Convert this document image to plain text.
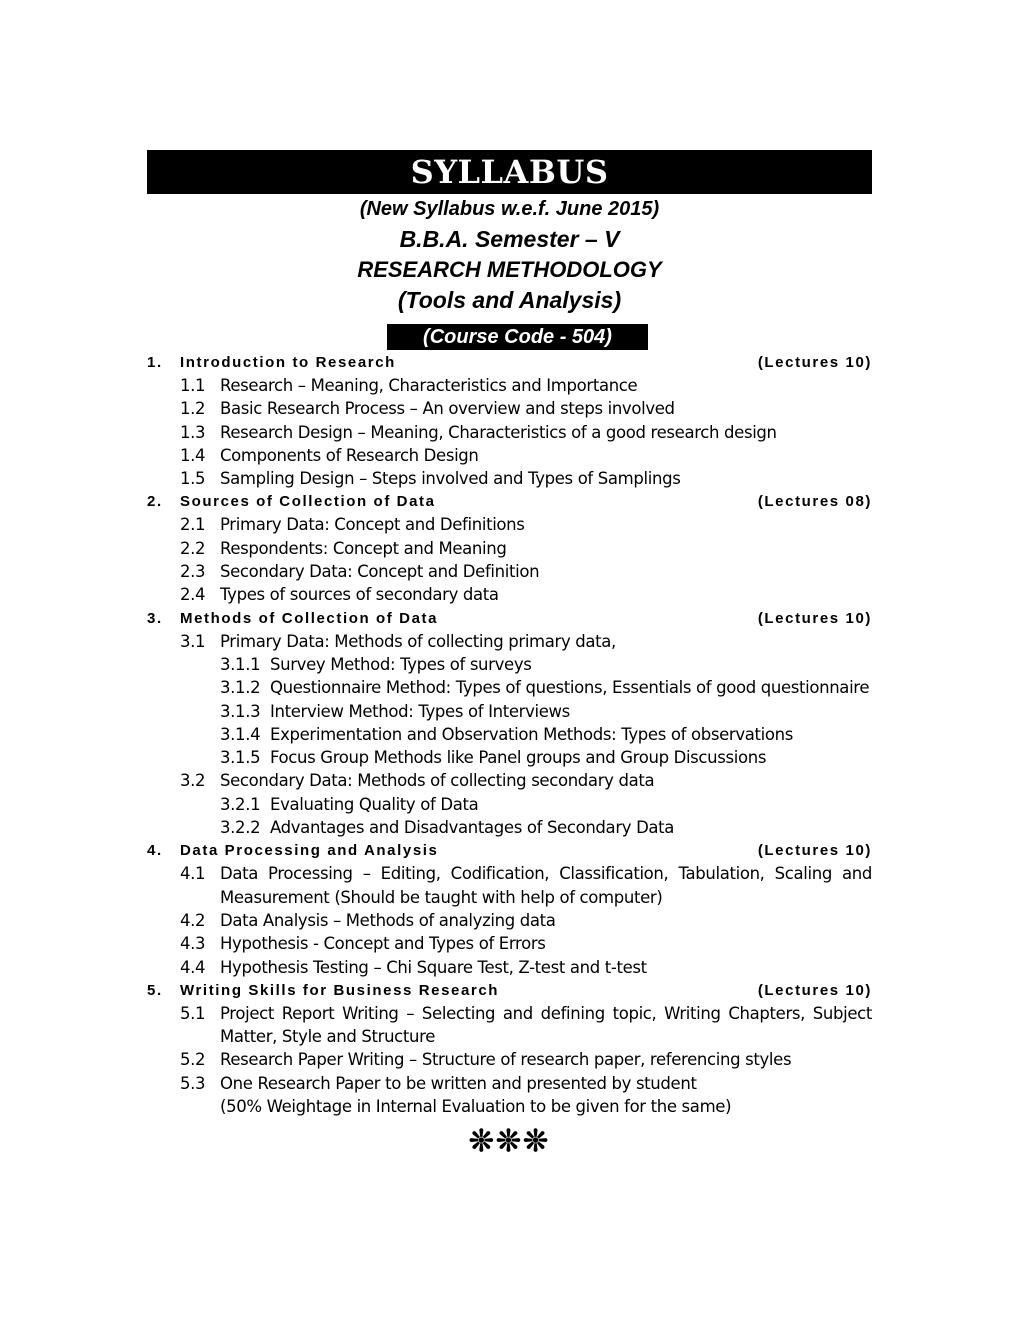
SYLLABUS
(New Syllabus w.e.f. June 2015)
B.B.A. Semester – V
RESEARCH METHODOLOGY
(Tools and Analysis)
(Course Code - 504)
1. Introduction to Research	(Lectures 10)
1.1 Research – Meaning, Characteristics and Importance
1.2 Basic Research Process – An overview and steps involved
1.3 Research Design – Meaning, Characteristics of a good research design
1.4 Components of Research Design
1.5 Sampling Design – Steps involved and Types of Samplings
2. Sources of Collection of Data	(Lectures 08)
2.1 Primary Data: Concept and Definitions
2.2 Respondents: Concept and Meaning
2.3 Secondary Data: Concept and Definition
2.4 Types of sources of secondary data
3. Methods of Collection of Data	(Lectures 10)
3.1 Primary Data: Methods of collecting primary data,
3.1.1 Survey Method: Types of surveys
3.1.2 Questionnaire Method: Types of questions, Essentials of good questionnaire
3.1.3 Interview Method: Types of Interviews
3.1.4 Experimentation and Observation Methods: Types of observations
3.1.5 Focus Group Methods like Panel groups and Group Discussions
3.2 Secondary Data: Methods of collecting secondary data
3.2.1 Evaluating Quality of Data
3.2.2 Advantages and Disadvantages of Secondary Data
4. Data Processing and Analysis	(Lectures 10)
4.1 Data Processing – Editing, Codification, Classification, Tabulation, Scaling and Measurement (Should be taught with help of computer)
4.2 Data Analysis – Methods of analyzing data
4.3 Hypothesis - Concept and Types of Errors
4.4 Hypothesis Testing – Chi Square Test, Z-test and t-test
5. Writing Skills for Business Research	(Lectures 10)
5.1 Project Report Writing – Selecting and defining topic, Writing Chapters, Subject Matter, Style and Structure
5.2 Research Paper Writing – Structure of research paper, referencing styles
5.3 One Research Paper to be written and presented by student
(50% Weightage in Internal Evaluation to be given for the same)
❊❊❊
